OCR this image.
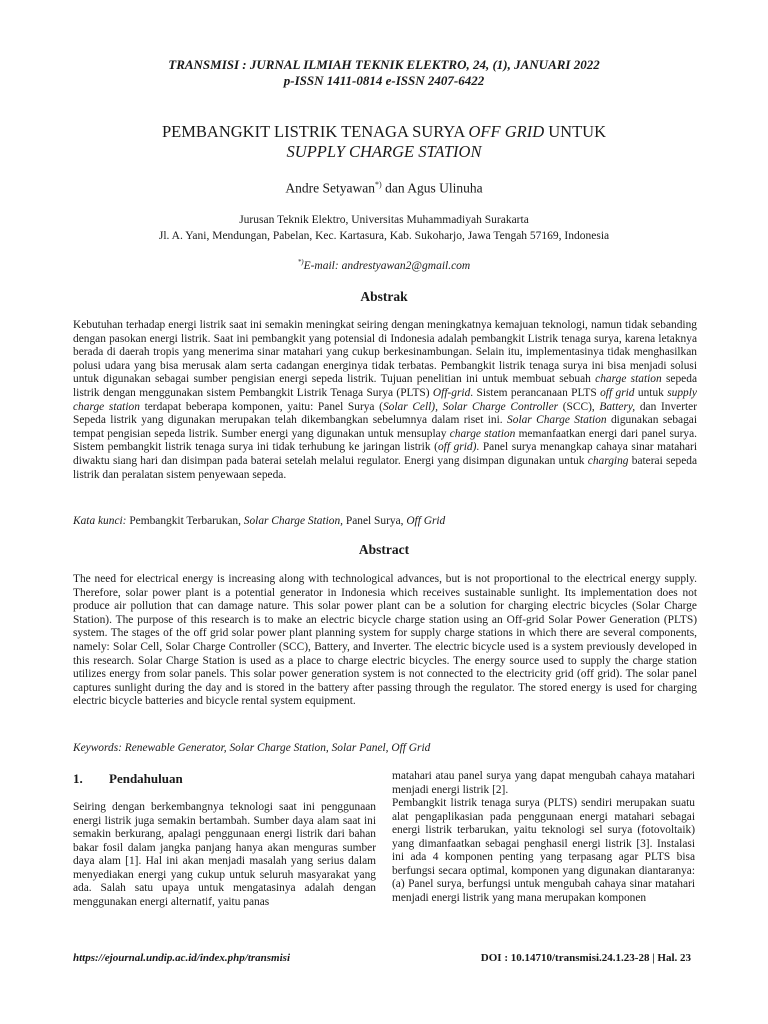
TRANSMISI : JURNAL ILMIAH TEKNIK ELEKTRO, 24, (1), JANUARI 2022
p-ISSN 1411-0814 e-ISSN 2407-6422
PEMBANGKIT LISTRIK TENAGA SURYA OFF GRID UNTUK
SUPPLY CHARGE STATION
Andre Setyawan*) dan Agus Ulinuha
Jurusan Teknik Elektro, Universitas Muhammadiyah Surakarta
Jl. A. Yani, Mendungan, Pabelan, Kec. Kartasura, Kab. Sukoharjo, Jawa Tengah 57169, Indonesia
*)E-mail: andrestyawan2@gmail.com
Abstrak

Kebutuhan terhadap energi listrik saat ini semakin meningkat seiring dengan meningkatnya kemajuan teknologi, namun tidak sebanding dengan pasokan energi listrik. Saat ini pembangkit yang potensial di Indonesia adalah pembangkit Listrik tenaga surya, karena letaknya berada di daerah tropis yang menerima sinar matahari yang cukup berkesinambungan. Selain itu, implementasinya tidak menghasilkan polusi udara yang bisa merusak alam serta cadangan energinya tidak terbatas. Pembangkit listrik tenaga surya ini bisa menjadi solusi untuk digunakan sebagai sumber pengisian energi sepeda listrik. Tujuan penelitian ini untuk membuat sebuah charge station sepeda listrik dengan menggunakan sistem Pembangkit Listrik Tenaga Surya (PLTS) Off-grid. Sistem perancanaan PLTS off grid untuk supply charge station terdapat beberapa komponen, yaitu: Panel Surya (Solar Cell), Solar Charge Controller (SCC), Battery, dan Inverter Sepeda listrik yang digunakan merupakan telah dikembangkan sebelumnya dalam riset ini. Solar Charge Station digunakan sebagai tempat pengisian sepeda listrik. Sumber energi yang digunakan untuk mensuplay charge station memanfaatkan energi dari panel surya. Sistem pembangkit listrik tenaga surya ini tidak terhubung ke jaringan listrik (off grid). Panel surya menangkap cahaya sinar matahari diwaktu siang hari dan disimpan pada baterai setelah melalui regulator. Energi yang disimpan digunakan untuk charging baterai sepeda listrik dan peralatan sistem penyewaan sepeda.

Kata kunci: Pembangkit Terbarukan, Solar Charge Station, Panel Surya, Off Grid
Abstract

The need for electrical energy is increasing along with technological advances, but is not proportional to the electrical energy supply. Therefore, solar power plant is a potential generator in Indonesia which receives sustainable sunlight. Its implementation does not produce air pollution that can damage nature. This solar power plant can be a solution for charging electric bicycles (Solar Charge Station). The purpose of this research is to make an electric bicycle charge station using an Off-grid Solar Power Generation (PLTS) system. The stages of the off grid solar power plant planning system for supply charge stations in which there are several components, namely: Solar Cell, Solar Charge Controller (SCC), Battery, and Inverter. The electric bicycle used is a system previously developed in this research. Solar Charge Station is used as a place to charge electric bicycles. The energy source used to supply the charge station utilizes energy from solar panels. This solar power generation system is not connected to the electricity grid (off grid). The solar panel captures sunlight during the day and is stored in the battery after passing through the regulator. The stored energy is used for charging electric bicycle batteries and bicycle rental system equipment.

Keywords: Renewable Generator, Solar Charge Station, Solar Panel, Off Grid
1. Pendahuluan

Seiring dengan berkembangnya teknologi saat ini penggunaan energi listrik juga semakin bertambah. Sumber daya alam saat ini semakin berkurang, apalagi penggunaan energi listrik dari bahan bakar fosil dalam jangka panjang hanya akan menguras sumber daya alam [1]. Hal ini akan menjadi masalah yang serius dalam menyediakan energi yang cukup untuk seluruh masyarakat yang ada. Salah satu upaya untuk mengatasinya adalah dengan menggunakan energi alternatif, yaitu panas

matahari atau panel surya yang dapat mengubah cahaya matahari menjadi energi listrik [2].
Pembangkit listrik tenaga surya (PLTS) sendiri merupakan suatu alat pengaplikasian pada penggunaan energi matahari sebagai energi listrik terbarukan, yaitu teknologi sel surya (fotovoltaik) yang dimanfaatkan sebagai penghasil energi listrik [3]. Instalasi ini ada 4 komponen penting yang terpasang agar PLTS bisa berfungsi secara optimal, komponen yang digunakan diantaranya: (a) Panel surya, berfungsi untuk mengubah cahaya sinar matahari menjadi energi listrik yang mana merupakan komponen
https://ejournal.undip.ac.id/index.php/transmisi	DOI : 10.14710/transmisi.24.1.23-28 | Hal. 23
